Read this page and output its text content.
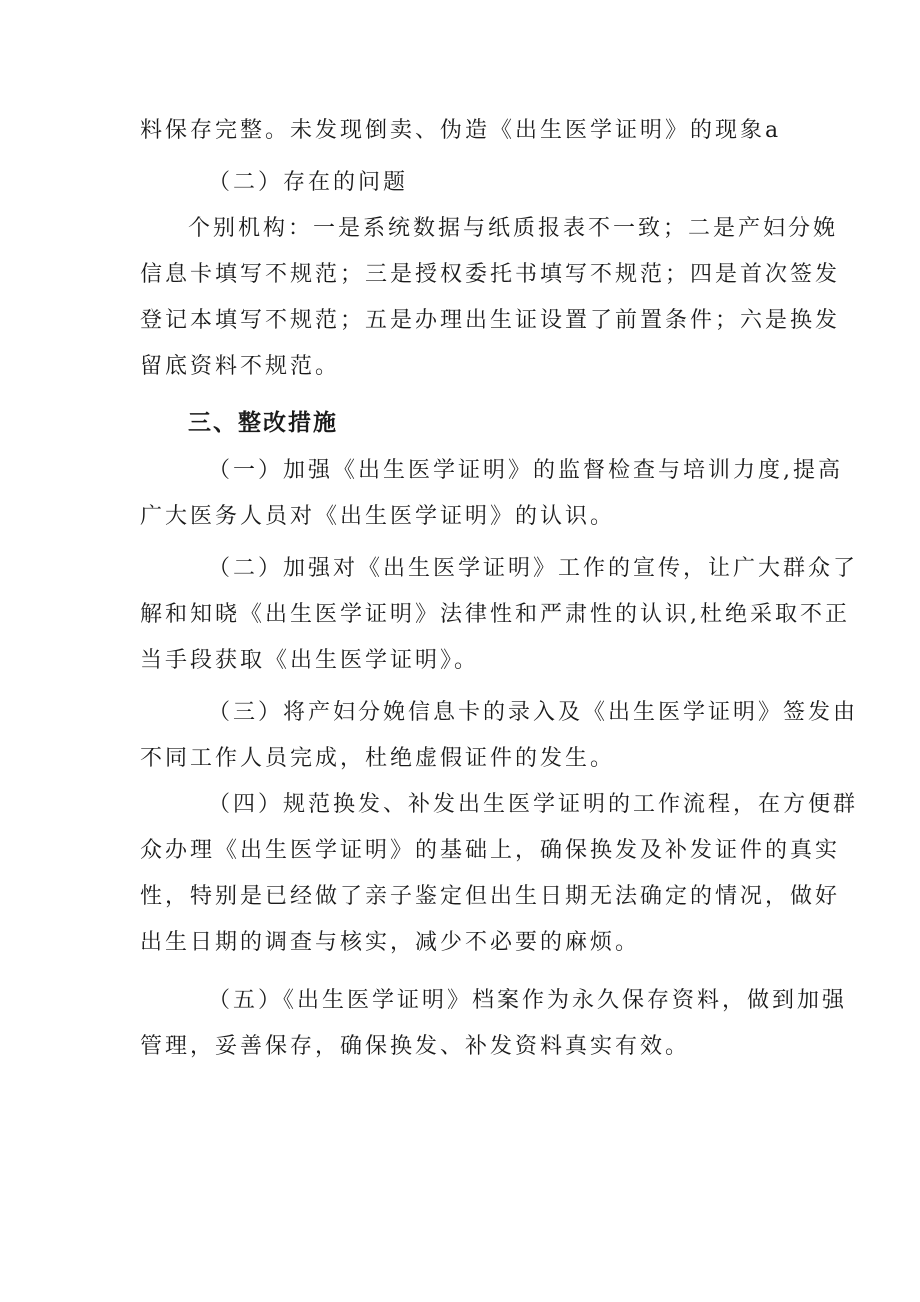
料保存完整。未发现倒卖、伪造《出生医学证明》的现象a

（二）存在的问题

个别机构：一是系统数据与纸质报表不一致；二是产妇分娩
信息卡填写不规范；三是授权委托书填写不规范；四是首次签发
登记本填写不规范；五是办理出生证设置了前置条件；六是换发
留底资料不规范。

三、整改措施

（一）加强《出生医学证明》的监督检查与培训力度,提高
广大医务人员对《出生医学证明》的认识。

（二）加强对《出生医学证明》工作的宣传，让广大群众了
解和知晓《出生医学证明》法律性和严肃性的认识,杜绝采取不正
当手段获取《出生医学证明》。

（三）将产妇分娩信息卡的录入及《出生医学证明》签发由
不同工作人员完成，杜绝虚假证件的发生。

（四）规范换发、补发出生医学证明的工作流程，在方便群
众办理《出生医学证明》的基础上，确保换发及补发证件的真实
性，特别是已经做了亲子鉴定但出生日期无法确定的情况，做好
出生日期的调查与核实，减少不必要的麻烦。

（五）《出生医学证明》档案作为永久保存资料，做到加强
管理，妥善保存，确保换发、补发资料真实有效。
